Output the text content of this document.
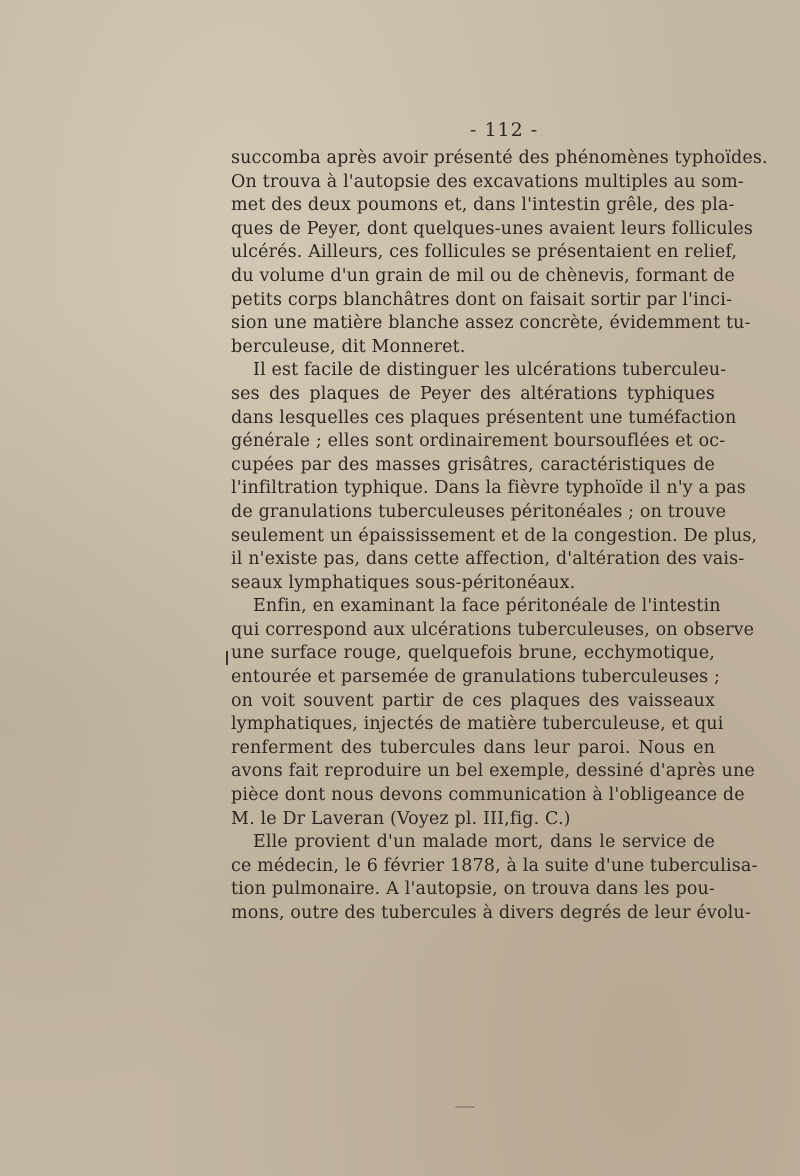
- 112 -
succomba après avoir présenté des phénomènes typhoïdes.
On trouva à l'autopsie des excavations multiples au som-
met des deux poumons et, dans l'intestin grêle, des pla-
ques de Peyer, dont quelques-unes avaient leurs follicules
ulcérés. Ailleurs, ces follicules se présentaient en relief,
du volume d'un grain de mil ou de chènevis, formant de
petits corps blanchâtres dont on faisait sortir par l'inci-
sion une matière blanche assez concrète, évidemment tu-
berculeuse, dit Monneret.
Il est facile de distinguer les ulcérations tuberculeu-
ses des plaques de Peyer des altérations typhiques
dans lesquelles ces plaques présentent une tuméfaction
générale ; elles sont ordinairement boursouflées et oc-
cupées par des masses grisâtres, caractéristiques de
l'infiltration typhique. Dans la fièvre typhoïde il n'y a pas
de granulations tuberculeuses péritonéales ; on trouve
seulement un épaississement et de la congestion. De plus,
il n'existe pas, dans cette affection, d'altération des vais-
seaux lymphatiques sous-péritonéaux.
Enfin, en examinant la face péritonéale de l'intestin
qui correspond aux ulcérations tuberculeuses, on observe
une surface rouge, quelquefois brune, ecchymotique,
entourée et parsemée de granulations tuberculeuses ;
on voit souvent partir de ces plaques des vaisseaux
lymphatiques, injectés de matière tuberculeuse, et qui
renferment des tubercules dans leur paroi. Nous en
avons fait reproduire un bel exemple, dessiné d'après une
pièce dont nous devons communication à l'obligeance de
M. le Dr Laveran (Voyez pl. III,fig. C.)
Elle provient d'un malade mort, dans le service de
ce médecin, le 6 février 1878, à la suite d'une tuberculisa-
tion pulmonaire. A l'autopsie, on trouva dans les pou-
mons, outre des tubercules à divers degrés de leur évolu-
